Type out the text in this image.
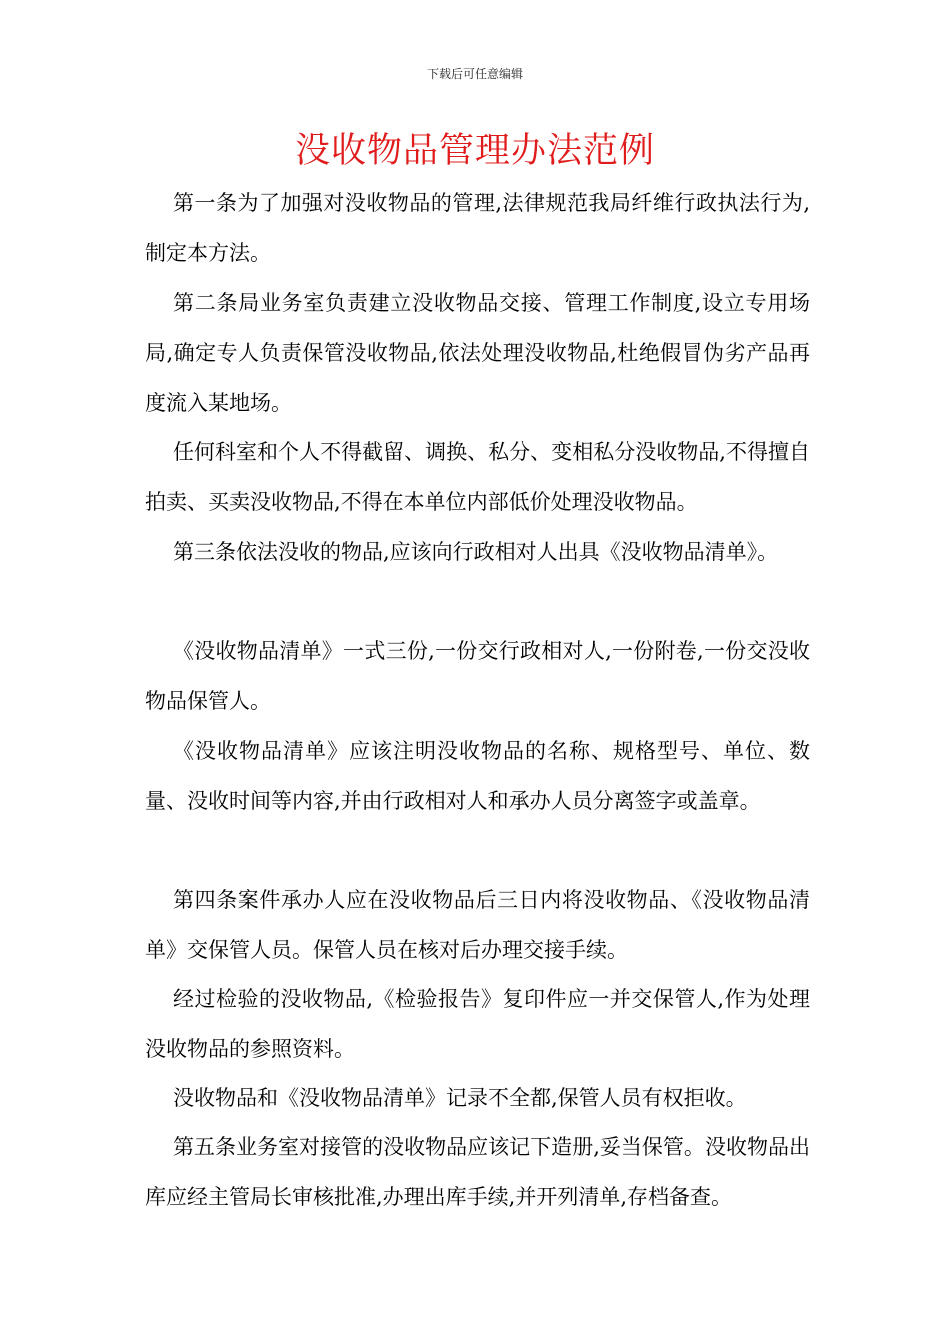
下载后可任意编辑
没收物品管理办法范例

第一条为了加强对没收物品的管理,法律规范我局纤维行政执法行为,制定本方法。

第二条局业务室负责建立没收物品交接、管理工作制度,设立专用场局,确定专人负责保管没收物品,依法处理没收物品,杜绝假冒伪劣产品再度流入某地场。

任何科室和个人不得截留、调换、私分、变相私分没收物品,不得擅自拍卖、买卖没收物品,不得在本单位内部低价处理没收物品。

第三条依法没收的物品,应该向行政相对人出具《没收物品清单》。

《没收物品清单》一式三份,一份交行政相对人,一份附卷,一份交没收物品保管人。

《没收物品清单》应该注明没收物品的名称、规格型号、单位、数量、没收时间等内容,并由行政相对人和承办人员分离签字或盖章。

第四条案件承办人应在没收物品后三日内将没收物品、《没收物品清单》交保管人员。保管人员在核对后办理交接手续。

经过检验的没收物品,《检验报告》复印件应一并交保管人,作为处理没收物品的参照资料。

没收物品和《没收物品清单》记录不全都,保管人员有权拒收。

第五条业务室对接管的没收物品应该记下造册,妥当保管。没收物品出库应经主管局长审核批准,办理出库手续,并开列清单,存档备查。
